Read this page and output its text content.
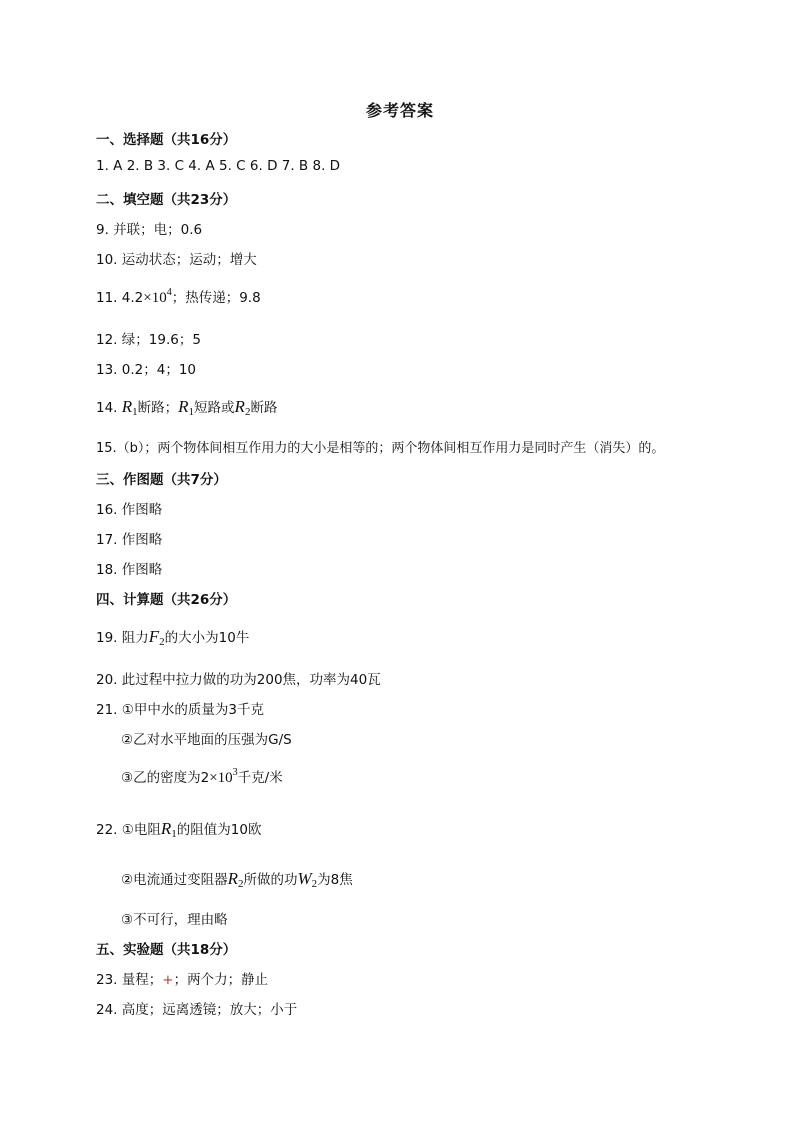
参考答案
一、选择题（共16分）
1. A 2. B 3. C 4. A 5. C 6. D 7. B 8. D
二、填空题（共23分）
9. 并联；电；0.6
10. 运动状态；运动；增大
11. $4.2\times 10^4$；热传递；9.8
12. 绿；19.6；5
13. 0.2；4；10
14. $R_1$断路；$R_1$短路或$R_2$断路
15.（b）；两个物体间相互作用力的大小是相等的；两个物体间相互作用力是同时产生（消失）的。
三、作图题（共7分）
16. 作图略
17. 作图略
18. 作图略
四、计算题（共26分）
19. 阻力$F_2$的大小为10牛
20. 此过程中拉力做的功为200焦，功率为40瓦
21. ①甲中水的质量为3千克
②乙对水平地面的压强为G/S
③乙的密度为$2\times 10^3$千克/米
22. ①电阻$R_1$的阻值为10欧
②电流通过变阻器$R_2$所做的功$W_2$为8焦
③不可行，理由略
五、实验题（共18分）
23. 量程；+；两个力；静止
24. 高度；远离透镜；放大；小于
